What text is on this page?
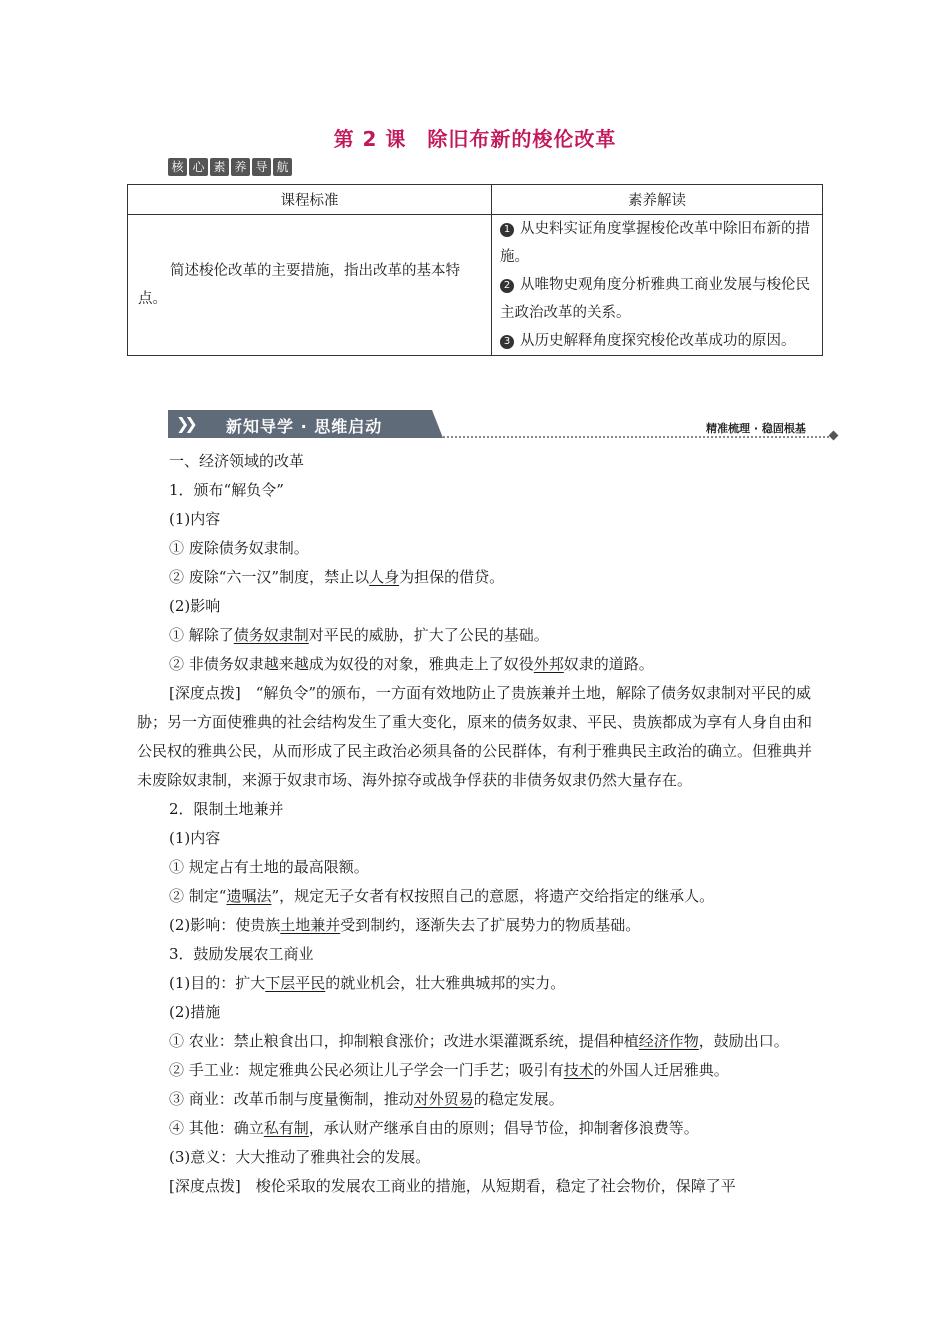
第 2 课　除旧布新的梭伦改革
核 心 素 养 导 航
课程标准	素养解读

简述梭伦改革的主要措施，指出改革的基本特点。	1 从史料实证角度掌握梭伦改革中除旧布新的措施。
2 从唯物史观角度分析雅典工商业发展与梭伦民主政治改革的关系。
3 从历史解释角度探究梭伦改革成功的原因。
❯❯ 新知导学 · 思维启动	精准梳理 · 稳固根基

一、经济领域的改革

1．颁布“解负令”

(1)内容

① 废除债务奴隶制。

② 废除“六一汉”制度，禁止以人身为担保的借贷。

(2)影响

① 解除了债务奴隶制对平民的威胁，扩大了公民的基础。

② 非债务奴隶越来越成为奴役的对象，雅典走上了奴役外邦奴隶的道路。

[深度点拨]　“解负令”的颁布，一方面有效地防止了贵族兼并土地，解除了债务奴隶制对平民的威胁；另一方面使雅典的社会结构发生了重大变化，原来的债务奴隶、平民、贵族都成为享有人身自由和公民权的雅典公民，从而形成了民主政治必须具备的公民群体，有利于雅典民主政治的确立。但雅典并未废除奴隶制，来源于奴隶市场、海外掠夺或战争俘获的非债务奴隶仍然大量存在。

2．限制土地兼并

(1)内容

① 规定占有土地的最高限额。

② 制定“遗嘱法”，规定无子女者有权按照自己的意愿，将遗产交给指定的继承人。

(2)影响：使贵族土地兼并受到制约，逐渐失去了扩展势力的物质基础。

3．鼓励发展农工商业

(1)目的：扩大下层平民的就业机会，壮大雅典城邦的实力。

(2)措施

① 农业：禁止粮食出口，抑制粮食涨价；改进水渠灌溉系统，提倡种植经济作物，鼓励出口。

② 手工业：规定雅典公民必须让儿子学会一门手艺；吸引有技术的外国人迁居雅典。

③ 商业：改革币制与度量衡制，推动对外贸易的稳定发展。

④ 其他：确立私有制，承认财产继承自由的原则；倡导节俭，抑制奢侈浪费等。

(3)意义：大大推动了雅典社会的发展。

[深度点拨]　梭伦采取的发展农工商业的措施，从短期看，稳定了社会物价，保障了平
